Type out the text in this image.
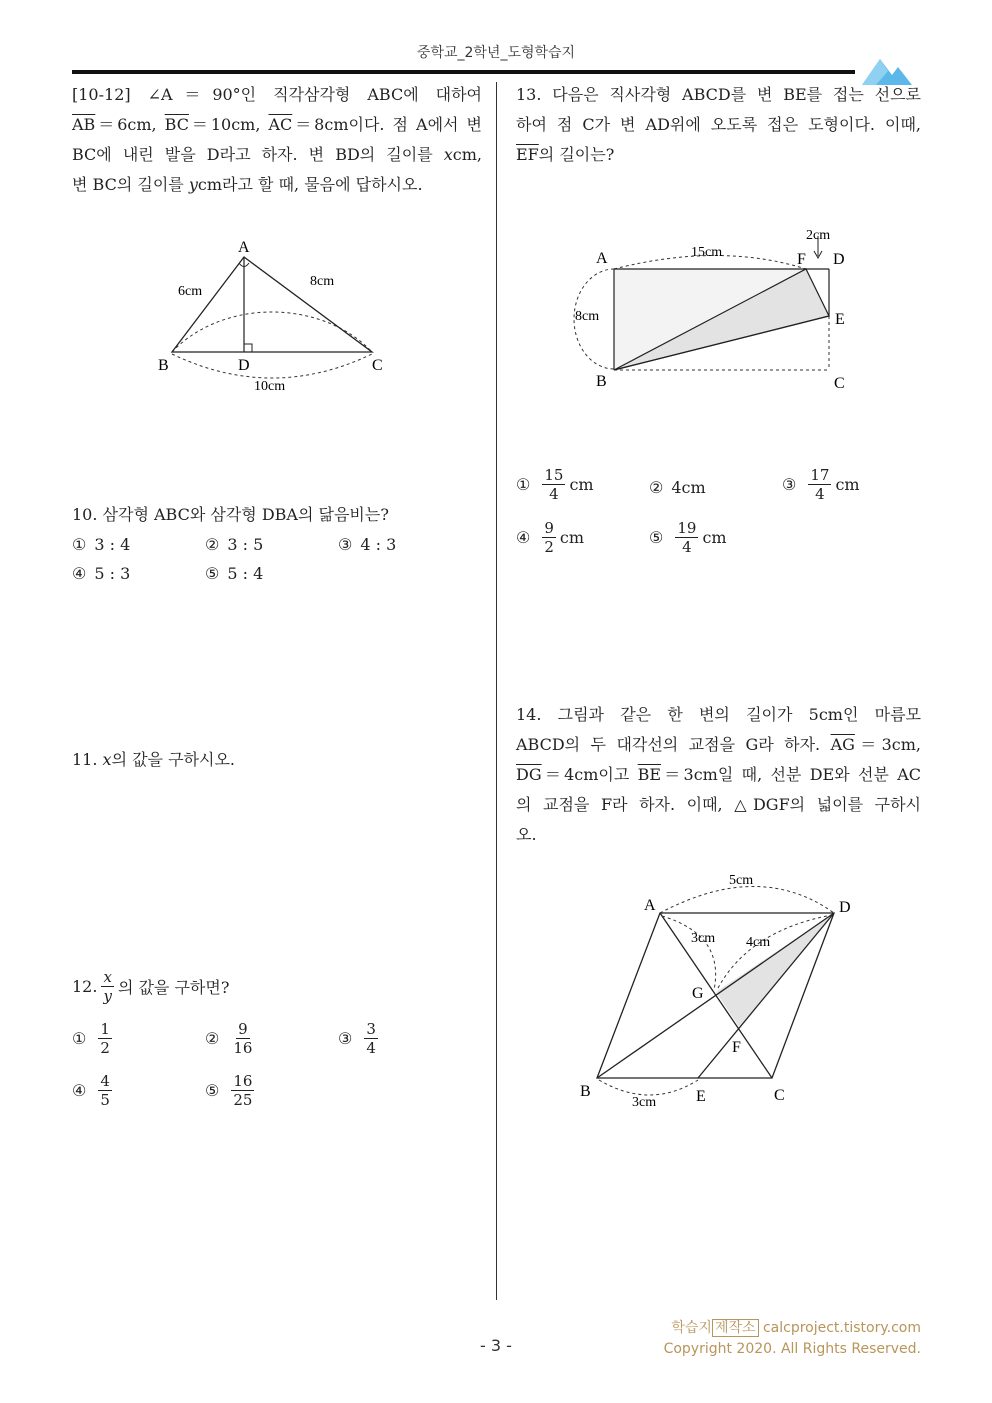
중학교_2학년_도형학습지
[10-12] ∠A＝90°인 직각삼각형 ABC에 대하여
$\overline{AB}=6cm$, $\overline{BC}=10cm$, $\overline{AC}=8cm$이다. 점 A에서 변
BC에 내린 발을 D라고 하자. 변 BD의 길이를 xcm,
변 BC의 길이를 ycm라고 할 때, 물음에 답하시오.
A
B	C
D
6cm
8cm
10cm
10. 삼각형 ABC와 삼각형 DBA의 닮음비는?
① 3 : 4	② 3 : 5	③ 4 : 3
④ 5 : 3	⑤ 5 : 4
11. x의 값을 구하시오.
12. $\frac{x}{y}$ 의 값을 구하면?
① $\frac{1}{2}$	② $\frac{9}{16}$	③ $\frac{3}{4}$
④ $\frac{4}{5}$	⑤ $\frac{16}{25}$
13. 다음은 직사각형 ABCD를 변 BE를 접는 선으로
하여 점 C가 변 AD위에 오도록 접은 도형이다. 이때,
$\overline{EF}$의 길이는?
A
B	C
D
E
F
15cm
8cm
2cm
① $\frac{15}{4}$ cm	② 4cm	③ $\frac{17}{4}$ cm
④ $\frac{9}{2}$ cm	⑤ $\frac{19}{4}$ cm
14. 그림과 같은 한 변의 길이가 5cm인 마름모
ABCD의 두 대각선의 교점을 G라 하자. $\overline{AG}=3cm$,
$\overline{DG}=4cm$이고 $\overline{BE}=3cm$일 때, 선분 DE와 선분 AC
의 교점을 F라 하자. 이때, △DGF의 넓이를 구하시
오.
A
B	C
D
E
F
G
5cm
3cm 4cm
3cm
학습지 제작소 calcproject.tistory.com
Copyright 2020. All Rights Reserved.
- 3 -
